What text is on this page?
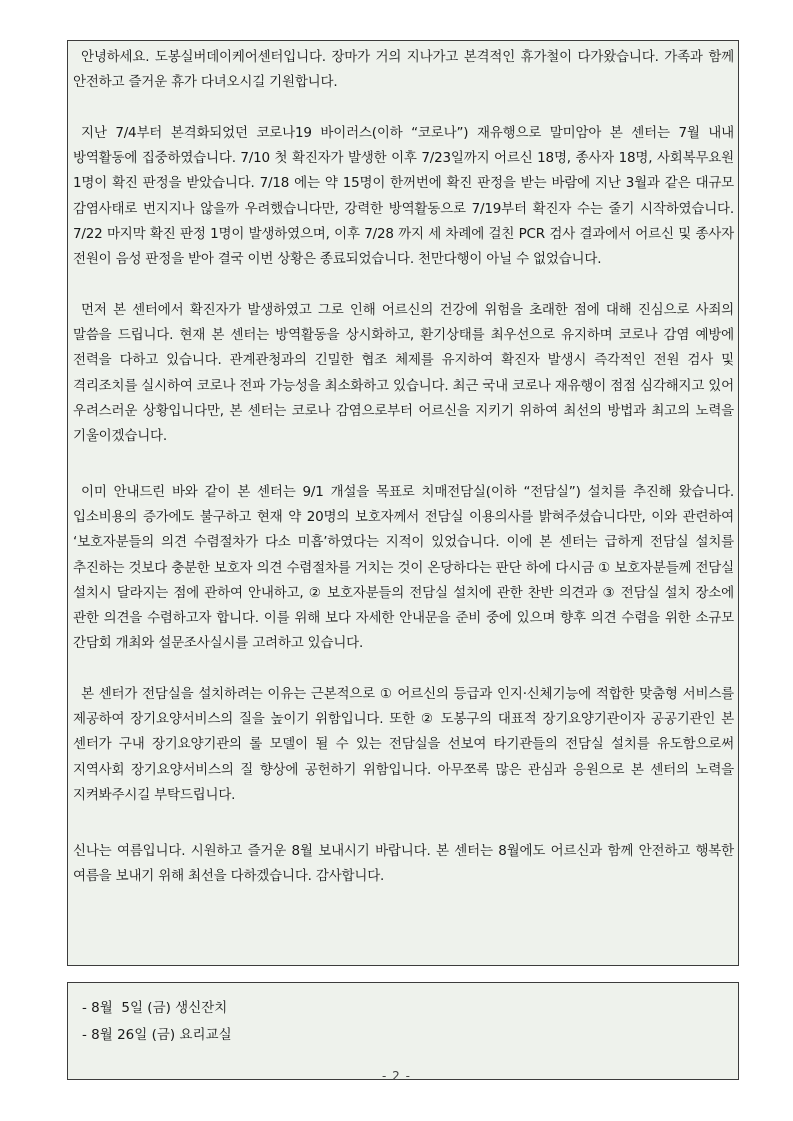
안녕하세요. 도봉실버데이케어센터입니다. 장마가 거의 지나가고 본격적인 휴가철이 다가왔습니다. 가족과 함께 안전하고 즐거운 휴가 다녀오시길 기원합니다.

지난 7/4부터 본격화되었던 코로나19 바이러스(이하 “코로나”) 재유행으로 말미암아 본 센터는 7월 내내 방역활동에 집중하였습니다. 7/10 첫 확진자가 발생한 이후 7/23일까지 어르신 18명, 종사자 18명, 사회복무요원 1명이 확진 판정을 받았습니다. 7/18 에는 약 15명이 한꺼번에 확진 판정을 받는 바람에 지난 3월과 같은 대규모 감염사태로 번지지나 않을까 우려했습니다만, 강력한 방역활동으로 7/19부터 확진자 수는 줄기 시작하였습니다. 7/22 마지막 확진 판정 1명이 발생하였으며, 이후 7/28 까지 세 차례에 걸친 PCR 검사 결과에서 어르신 및 종사자 전원이 음성 판정을 받아 결국 이번 상황은 종료되었습니다. 천만다행이 아닐 수 없었습니다.

먼저 본 센터에서 확진자가 발생하였고 그로 인해 어르신의 건강에 위험을 초래한 점에 대해 진심으로 사죄의 말씀을 드립니다. 현재 본 센터는 방역활동을 상시화하고, 환기상태를 최우선으로 유지하며 코로나 감염 예방에 전력을 다하고 있습니다. 관계관청과의 긴밀한 협조 체제를 유지하여 확진자 발생시 즉각적인 전원 검사 및 격리조치를 실시하여 코로나 전파 가능성을 최소화하고 있습니다. 최근 국내 코로나 재유행이 점점 심각해지고 있어 우려스러운 상황입니다만, 본 센터는 코로나 감염으로부터 어르신을 지키기 위하여 최선의 방법과 최고의 노력을 기울이겠습니다.

이미 안내드린 바와 같이 본 센터는 9/1 개설을 목표로 치매전담실(이하 “전담실”) 설치를 추진해 왔습니다. 입소비용의 증가에도 불구하고 현재 약 20명의 보호자께서 전담실 이용의사를 밝혀주셨습니다만, 이와 관련하여 ‘보호자분들의 의견 수렴절차가 다소 미흡’하였다는 지적이 있었습니다. 이에 본 센터는 급하게 전담실 설치를 추진하는 것보다 충분한 보호자 의견 수렴절차를 거치는 것이 온당하다는 판단 하에 다시금 ① 보호자분들께 전담실 설치시 달라지는 점에 관하여 안내하고, ② 보호자분들의 전담실 설치에 관한 찬반 의견과 ③ 전담실 설치 장소에 관한 의견을 수렴하고자 합니다. 이를 위해 보다 자세한 안내문을 준비 중에 있으며 향후 의견 수렴을 위한 소규모 간담회 개최와 설문조사실시를 고려하고 있습니다.

본 센터가 전담실을 설치하려는 이유는 근본적으로 ① 어르신의 등급과 인지·신체기능에 적합한 맞춤형 서비스를 제공하여 장기요양서비스의 질을 높이기 위함입니다. 또한 ② 도봉구의 대표적 장기요양기관이자 공공기관인 본 센터가 구내 장기요양기관의 롤 모델이 될 수 있는 전담실을 선보여 타기관들의 전담실 설치를 유도함으로써 지역사회 장기요양서비스의 질 향상에 공헌하기 위함입니다. 아무쪼록 많은 관심과 응원으로 본 센터의 노력을 지켜봐주시길 부탁드립니다.

신나는 여름입니다. 시원하고 즐거운 8월 보내시기 바랍니다. 본 센터는 8월에도 어르신과 함께 안전하고 행복한 여름을 보내기 위해 최선을 다하겠습니다. 감사합니다.

- 8월  5일 (금) 생신잔치
- 8월 26일 (금) 요리교실
- 2 -
